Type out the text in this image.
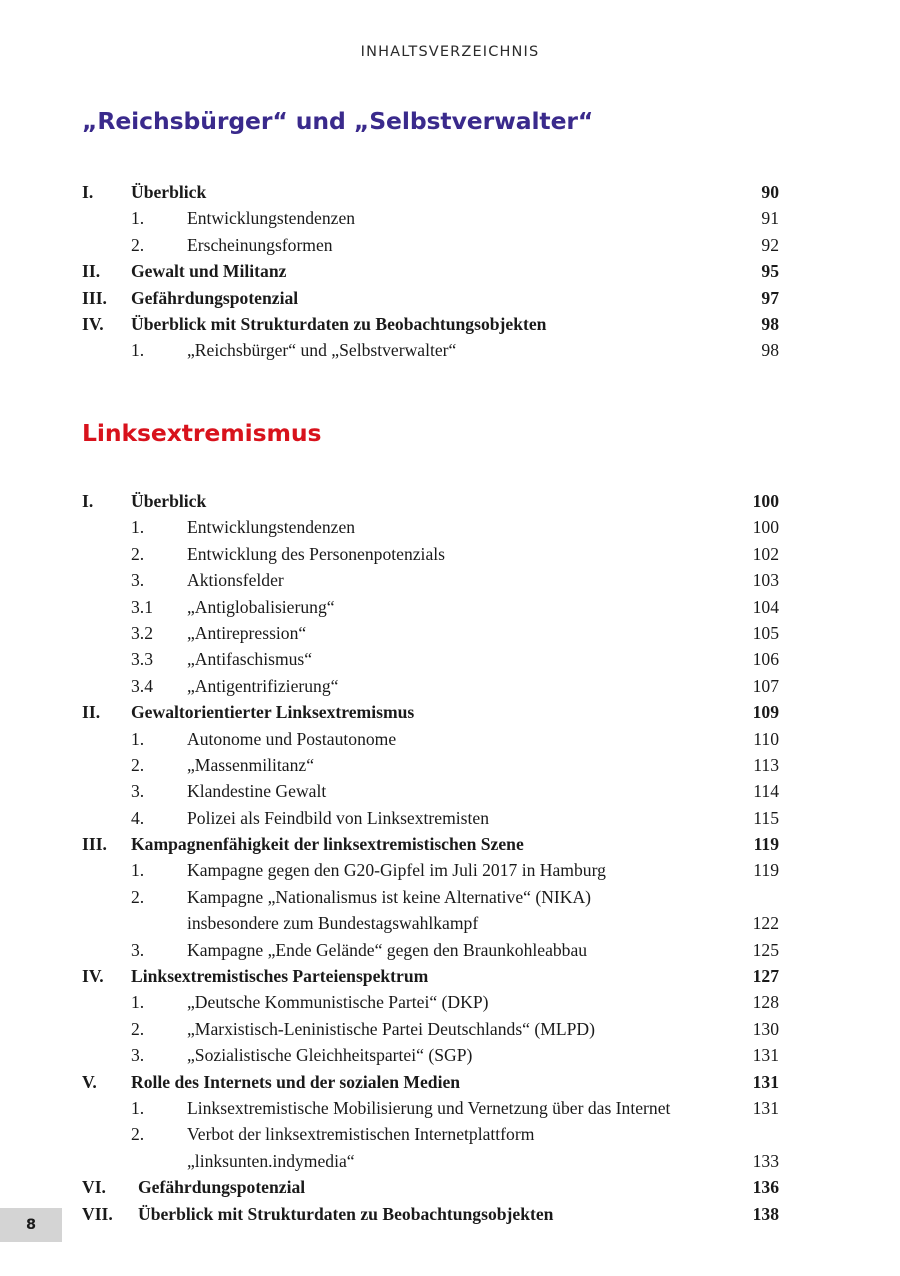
INHALTSVERZEICHNIS
„Reichsbürger“ und „Selbstverwalter“
I. Überblick	90
1. Entwicklungstendenzen	91
2. Erscheinungsformen	92
II. Gewalt und Militanz	95
III. Gefährdungspotenzial	97
IV. Überblick mit Strukturdaten zu Beobachtungsobjekten	98
1. „Reichsbürger“ und „Selbstverwalter“	98
Linksextremismus
I. Überblick	100
1. Entwicklungstendenzen	100
2. Entwicklung des Personenpotenzials	102
3. Aktionsfelder	103
3.1 „Antiglobalisierung“	104
3.2 „Antirepression“	105
3.3 „Antifaschismus“	106
3.4 „Antigentrifizierung“	107
II. Gewaltorientierter Linksextremismus	109
1. Autonome und Postautonome	110
2. „Massenmilitanz“	113
3. Klandestine Gewalt	114
4. Polizei als Feindbild von Linksextremisten	115
III. Kampagnenfähigkeit der linksextremistischen Szene	119
1. Kampagne gegen den G20-Gipfel im Juli 2017 in Hamburg	119
2. Kampagne „Nationalismus ist keine Alternative“ (NIKA)
insbesondere zum Bundestagswahlkampf	122
3. Kampagne „Ende Gelände“ gegen den Braunkohleabbau	125
IV. Linksextremistisches Parteienspektrum	127
1. „Deutsche Kommunistische Partei“ (DKP)	128
2. „Marxistisch-Leninistische Partei Deutschlands“ (MLPD)	130
3. „Sozialistische Gleichheitspartei“ (SGP)	131
V. Rolle des Internets und der sozialen Medien	131
1. Linksextremistische Mobilisierung und Vernetzung über das Internet	131
2. Verbot der linksextremistischen Internetplattform
„linksunten.indymedia“	133
VI. Gefährdungspotenzial	136
VII. Überblick mit Strukturdaten zu Beobachtungsobjekten	138
8
